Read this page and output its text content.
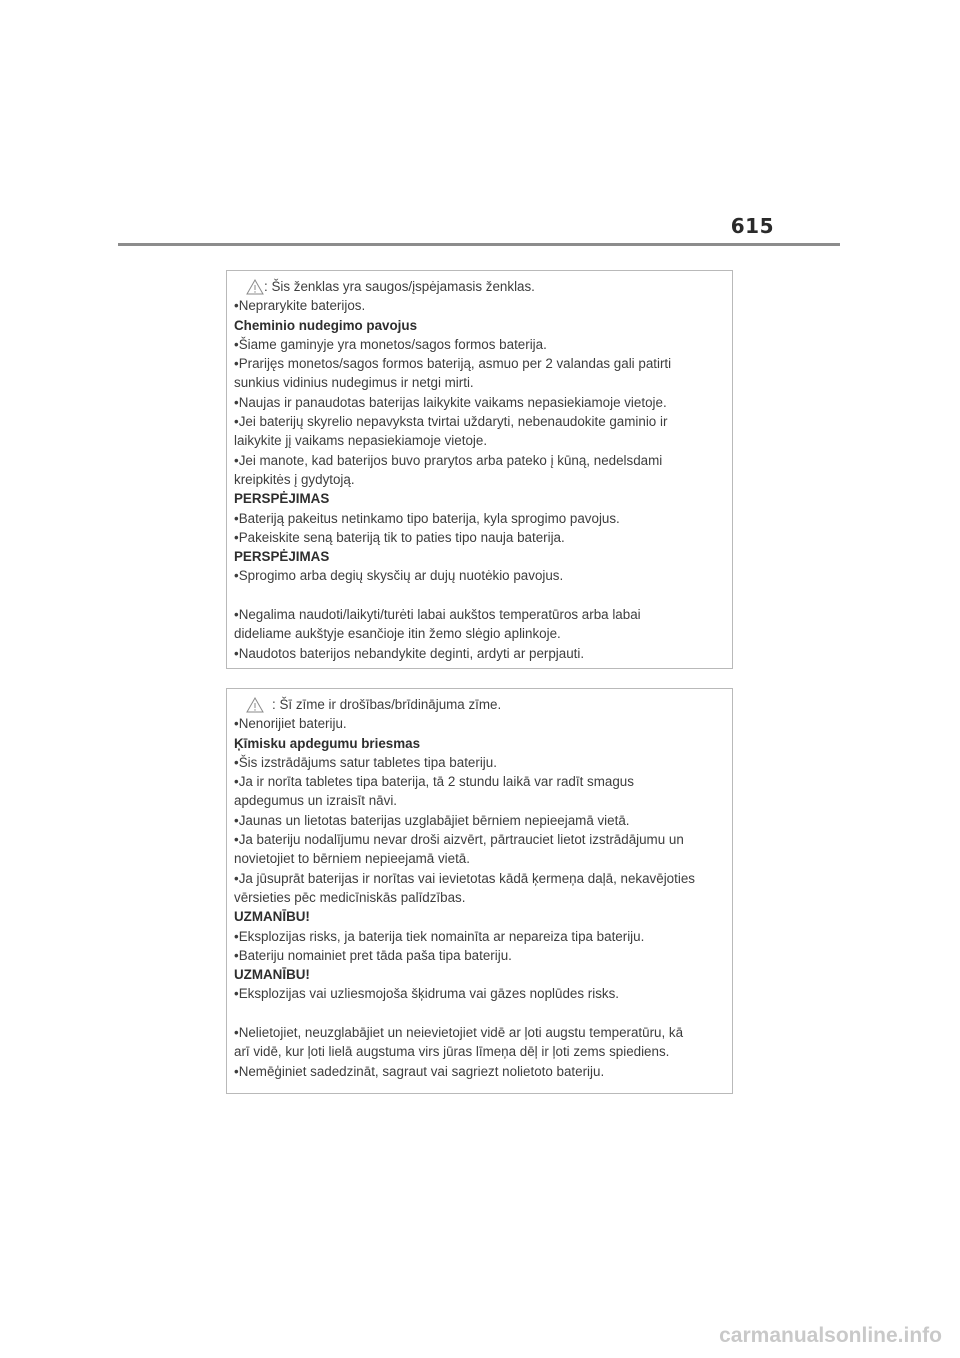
615
: Šis ženklas yra saugos/įspėjamasis ženklas.
•Neprarykite baterijos.
Cheminio nudegimo pavojus
•Šiame gaminyje yra monetos/sagos formos baterija.
•Prarijęs monetos/sagos formos bateriją, asmuo per 2 valandas gali patirti
sunkius vidinius nudegimus ir netgi mirti.
•Naujas ir panaudotas baterijas laikykite vaikams nepasiekiamoje vietoje.
•Jei baterijų skyrelio nepavyksta tvirtai uždaryti, nebenaudokite gaminio ir
laikykite jį vaikams nepasiekiamoje vietoje.
•Jei manote, kad baterijos buvo prarytos arba pateko į kūną, nedelsdami
kreipkitės į gydytoją.
PERSPĖJIMAS
•Bateriją pakeitus netinkamo tipo baterija, kyla sprogimo pavojus.
•Pakeiskite seną bateriją tik to paties tipo nauja baterija.
PERSPĖJIMAS
•Sprogimo arba degių skysčių ar dujų nuotėkio pavojus.
•Negalima naudoti/laikyti/turėti labai aukštos temperatūros arba labai
dideliame aukštyje esančioje itin žemo slėgio aplinkoje.
•Naudotos baterijos nebandykite deginti, ardyti ar perpjauti.
: Šī zīme ir drošības/brīdinājuma zīme.
•Nenorijiet bateriju.
Ķīmisku apdegumu briesmas
•Šis izstrādājums satur tabletes tipa bateriju.
•Ja ir norīta tabletes tipa baterija, tā 2 stundu laikā var radīt smagus
apdegumus un izraisīt nāvi.
•Jaunas un lietotas baterijas uzglabājiet bērniem nepieejamā vietā.
•Ja bateriju nodalījumu nevar droši aizvērt, pārtrauciet lietot izstrādājumu un
novietojiet to bērniem nepieejamā vietā.
•Ja jūsuprāt baterijas ir norītas vai ievietotas kādā ķermeņa daļā, nekavējoties
vērsieties pēc medicīniskās palīdzības.
UZMANĪBU!
•Eksplozijas risks, ja baterija tiek nomainīta ar nepareiza tipa bateriju.
•Bateriju nomainiet pret tāda paša tipa bateriju.
UZMANĪBU!
•Eksplozijas vai uzliesmojoša šķidruma vai gāzes noplūdes risks.
•Nelietojiet, neuzglabājiet un neievietojiet vidē ar ļoti augstu temperatūru, kā
arī vidē, kur ļoti lielā augstuma virs jūras līmeņa dēļ ir ļoti zems spiediens.
•Nemēģiniet sadedzināt, sagraut vai sagriezt nolietoto bateriju.
carmanualsonline.info
